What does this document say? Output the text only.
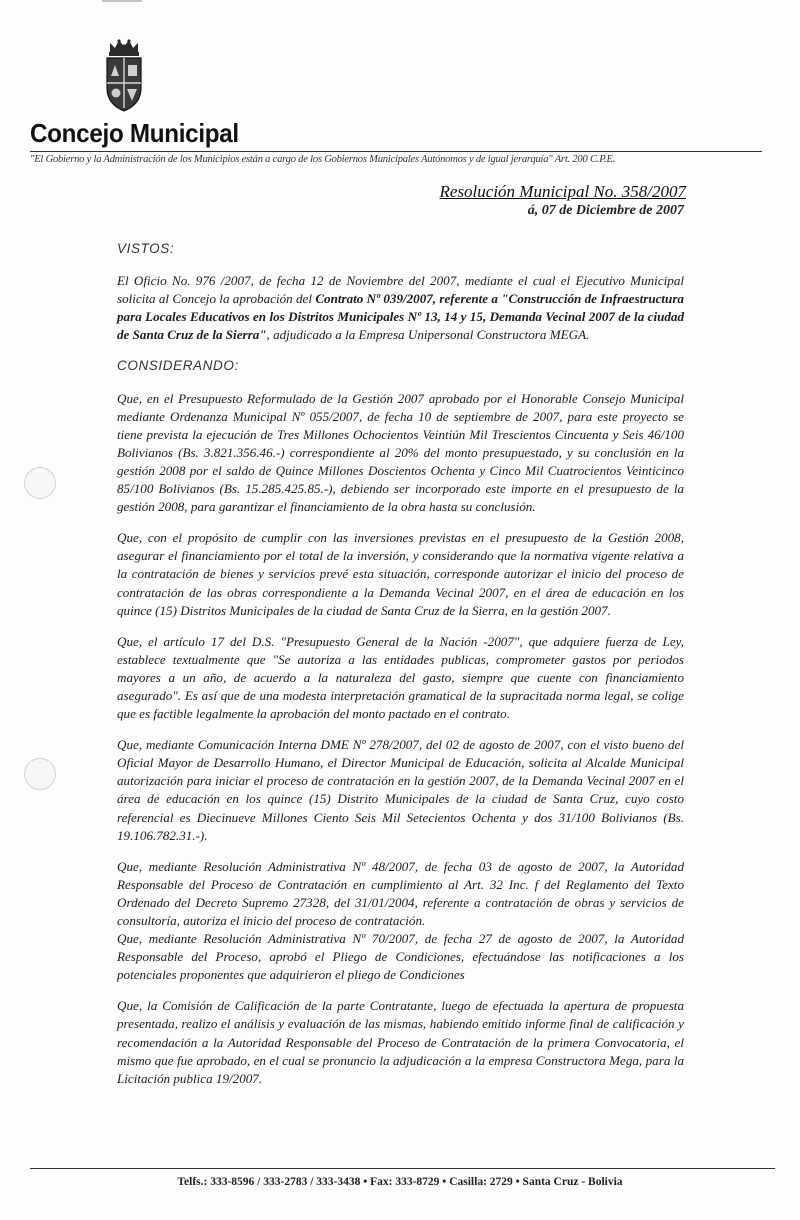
Concejo Municipal
"El Gobierno y la Administración de los Municipios están a cargo de los Gobiernos Municipales Autónomos y de igual jerarquía" Art. 200 C.P.E.
Resolución Municipal No. 358/2007
á, 07 de Diciembre de 2007
VISTOS:

El Oficio No. 976 /2007, de fecha 12 de Noviembre del 2007, mediante el cual el Ejecutivo Municipal solicita al Concejo la aprobación del Contrato Nº 039/2007, referente a "Construcción de Infraestructura para Locales Educativos en los Distritos Municipales Nº 13, 14 y 15, Demanda Vecinal 2007 de la ciudad de Santa Cruz de la Sierra", adjudicado a la Empresa Unipersonal Constructora MEGA.

CONSIDERANDO:

Que, en el Presupuesto Reformulado de la Gestión 2007 aprobado por el Honorable Consejo Municipal mediante Ordenanza Municipal Nº 055/2007, de fecha 10 de septiembre de 2007, para este proyecto se tiene prevista la ejecución de Tres Millones Ochocientos Veintiún Mil Trescientos Cincuenta y Seis 46/100 Bolivianos (Bs. 3.821.356.46.-) correspondiente al 20% del monto presupuestado, y su conclusión en la gestión 2008 por el saldo de Quince Millones Doscientos Ochenta y Cinco Mil Cuatrocientos Veinticinco 85/100 Bolivianos (Bs. 15.285.425.85.-), debiendo ser incorporado este importe en el presupuesto de la gestión 2008, para garantizar el financiamiento de la obra hasta su conclusión.

Que, con el propósito de cumplir con las inversiones previstas en el presupuesto de la Gestión 2008, asegurar el financiamiento por el total de la inversión, y considerando que la normativa vigente relativa a la contratación de bienes y servicios prevé esta situación, corresponde autorizar el inicio del proceso de contratación de las obras correspondiente a la Demanda Vecinal 2007, en el área de educación en los quince (15) Distritos Municipales de la ciudad de Santa Cruz de la Sierra, en la gestión 2007.

Que, el artículo 17 del D.S. "Presupuesto General de la Nación -2007", que adquiere fuerza de Ley, establece textualmente que "Se autoriza a las entidades publicas, comprometer gastos por periodos mayores a un año, de acuerdo a la naturaleza del gasto, siempre que cuente con financiamiento asegurado". Es así que de una modesta interpretación gramatical de la supracitada norma legal, se colige que es factible legalmente la aprobación del monto pactado en el contrato.

Que, mediante Comunicación Interna DME Nº 278/2007, del 02 de agosto de 2007, con el visto bueno del Oficial Mayor de Desarrollo Humano, el Director Municipal de Educación, solicita al Alcalde Municipal autorización para iniciar el proceso de contratación en la gestión 2007, de la Demanda Vecinal 2007 en el área de educación en los quince (15) Distrito Municipales de la ciudad de Santa Cruz, cuyo costo referencial es Diecinueve Millones Ciento Seis Mil Setecientos Ochenta y dos 31/100 Bolivianos (Bs. 19.106.782.31.-).

Que, mediante Resolución Administrativa Nº 48/2007, de fecha 03 de agosto de 2007, la Autoridad Responsable del Proceso de Contratación en cumplimiento al Art. 32 Inc. f del Reglamento del Texto Ordenado del Decreto Supremo 27328, del 31/01/2004, referente a contratación de obras y servicios de consultoría, autoriza el inicio del proceso de contratación.

Que, mediante Resolución Administrativa Nº 70/2007, de fecha 27 de agosto de 2007, la Autoridad Responsable del Proceso, aprobó el Pliego de Condiciones, efectuándose las notificaciones a los potenciales proponentes que adquirieron el pliego de Condiciones

Que, la Comisión de Calificación de la parte Contratante, luego de efectuada la apertura de propuesta presentada, realizo el análisis y evaluación de las mismas, habiendo emitido informe final de calificación y recomendación a la Autoridad Responsable del Proceso de Contratación de la primera Convocatoria, el mismo que fue aprobado, en el cual se pronuncio la adjudicación a la empresa Constructora Mega, para la Licitación publica 19/2007.

Telfs.: 333-8596 / 333-2783 / 333-3438 • Fax: 333-8729 • Casilla: 2729 • Santa Cruz - Bolivia
